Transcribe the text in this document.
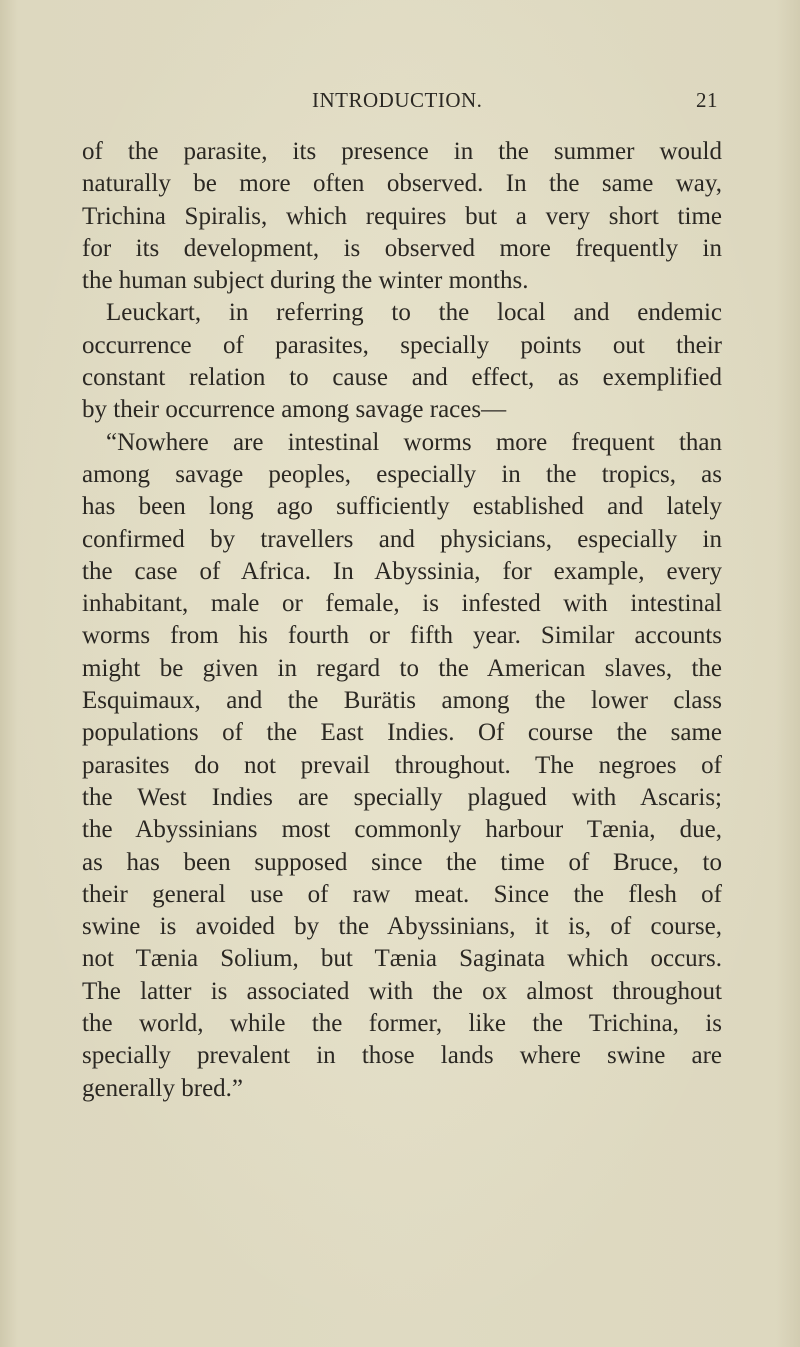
INTRODUCTION.	21
of the parasite, its presence in the summer would
naturally be more often observed. In the same way,
Trichina Spiralis, which requires but a very short time
for its development, is observed more frequently in
the human subject during the winter months.
Leuckart, in referring to the local and endemic
occurrence of parasites, specially points out their
constant relation to cause and effect, as exemplified
by their occurrence among savage races—
“Nowhere are intestinal worms more frequent than
among savage peoples, especially in the tropics, as
has been long ago sufficiently established and lately
confirmed by travellers and physicians, especially in
the case of Africa. In Abyssinia, for example, every
inhabitant, male or female, is infested with intestinal
worms from his fourth or fifth year. Similar accounts
might be given in regard to the American slaves, the
Esquimaux, and the Burätis among the lower class
populations of the East Indies. Of course the same
parasites do not prevail throughout. The negroes of
the West Indies are specially plagued with Ascaris;
the Abyssinians most commonly harbour Tænia, due,
as has been supposed since the time of Bruce, to
their general use of raw meat. Since the flesh of
swine is avoided by the Abyssinians, it is, of course,
not Tænia Solium, but Tænia Saginata which occurs.
The latter is associated with the ox almost throughout
the world, while the former, like the Trichina, is
specially prevalent in those lands where swine are
generally bred.”
